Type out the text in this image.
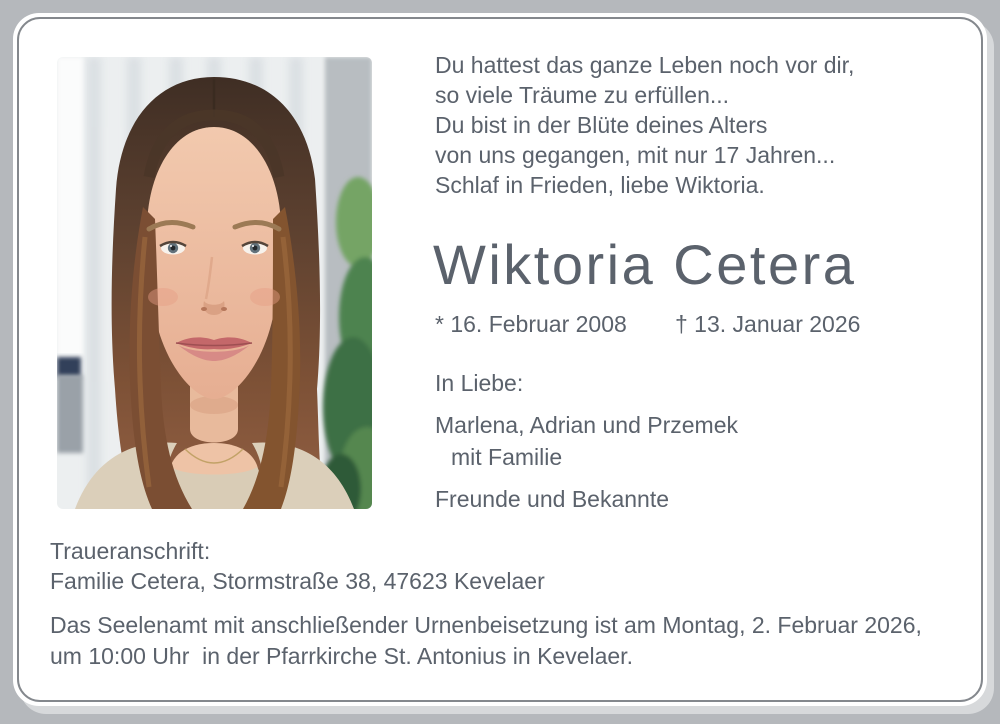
Du hattest das ganze Leben noch vor dir,
so viele Träume zu erfüllen...
Du bist in der Blüte deines Alters
von uns gegangen, mit nur 17 Jahren...
Schlaf in Frieden, liebe Wiktoria.
Wiktoria Cetera
* 16. Februar 2008 † 13. Januar 2026
In Liebe:
Marlena, Adrian und Przemek
mit Familie
Freunde und Bekannte
Traueranschrift:
Familie Cetera, Stormstraße 38, 47623 Kevelaer
Das Seelenamt mit anschließender Urnenbeisetzung ist am Montag, 2. Februar 2026,
um 10:00 Uhr  in der Pfarrkirche St. Antonius in Kevelaer.
